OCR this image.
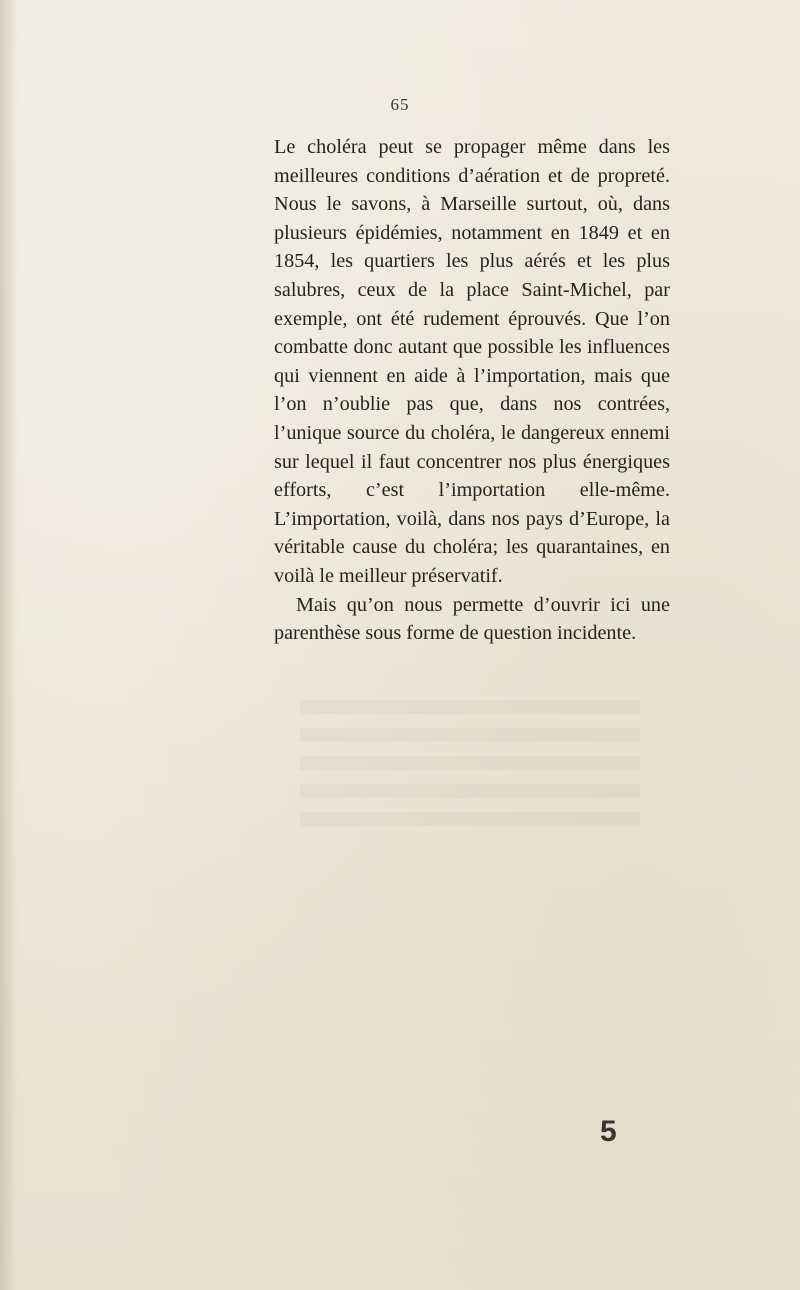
65

Le choléra peut se propager même dans les meilleures conditions d’aération et de propreté. Nous le savons, à Marseille surtout, où, dans plusieurs épidémies, notamment en 1849 et en 1854, les quartiers les plus aérés et les plus salubres, ceux de la place Saint-Michel, par exemple, ont été rudement éprouvés. Que l’on combatte donc autant que possible les influences qui viennent en aide à l’importation, mais que l’on n’oublie pas que, dans nos contrées, l’unique source du choléra, le dangereux ennemi sur lequel il faut concentrer nos plus énergiques efforts, c’est l’importation elle-même. L’importation, voilà, dans nos pays d’Europe, la véritable cause du choléra; les quarantaines, en voilà le meilleur préservatif.

Mais qu’on nous permette d’ouvrir ici une parenthèse sous forme de question incidente.

5
